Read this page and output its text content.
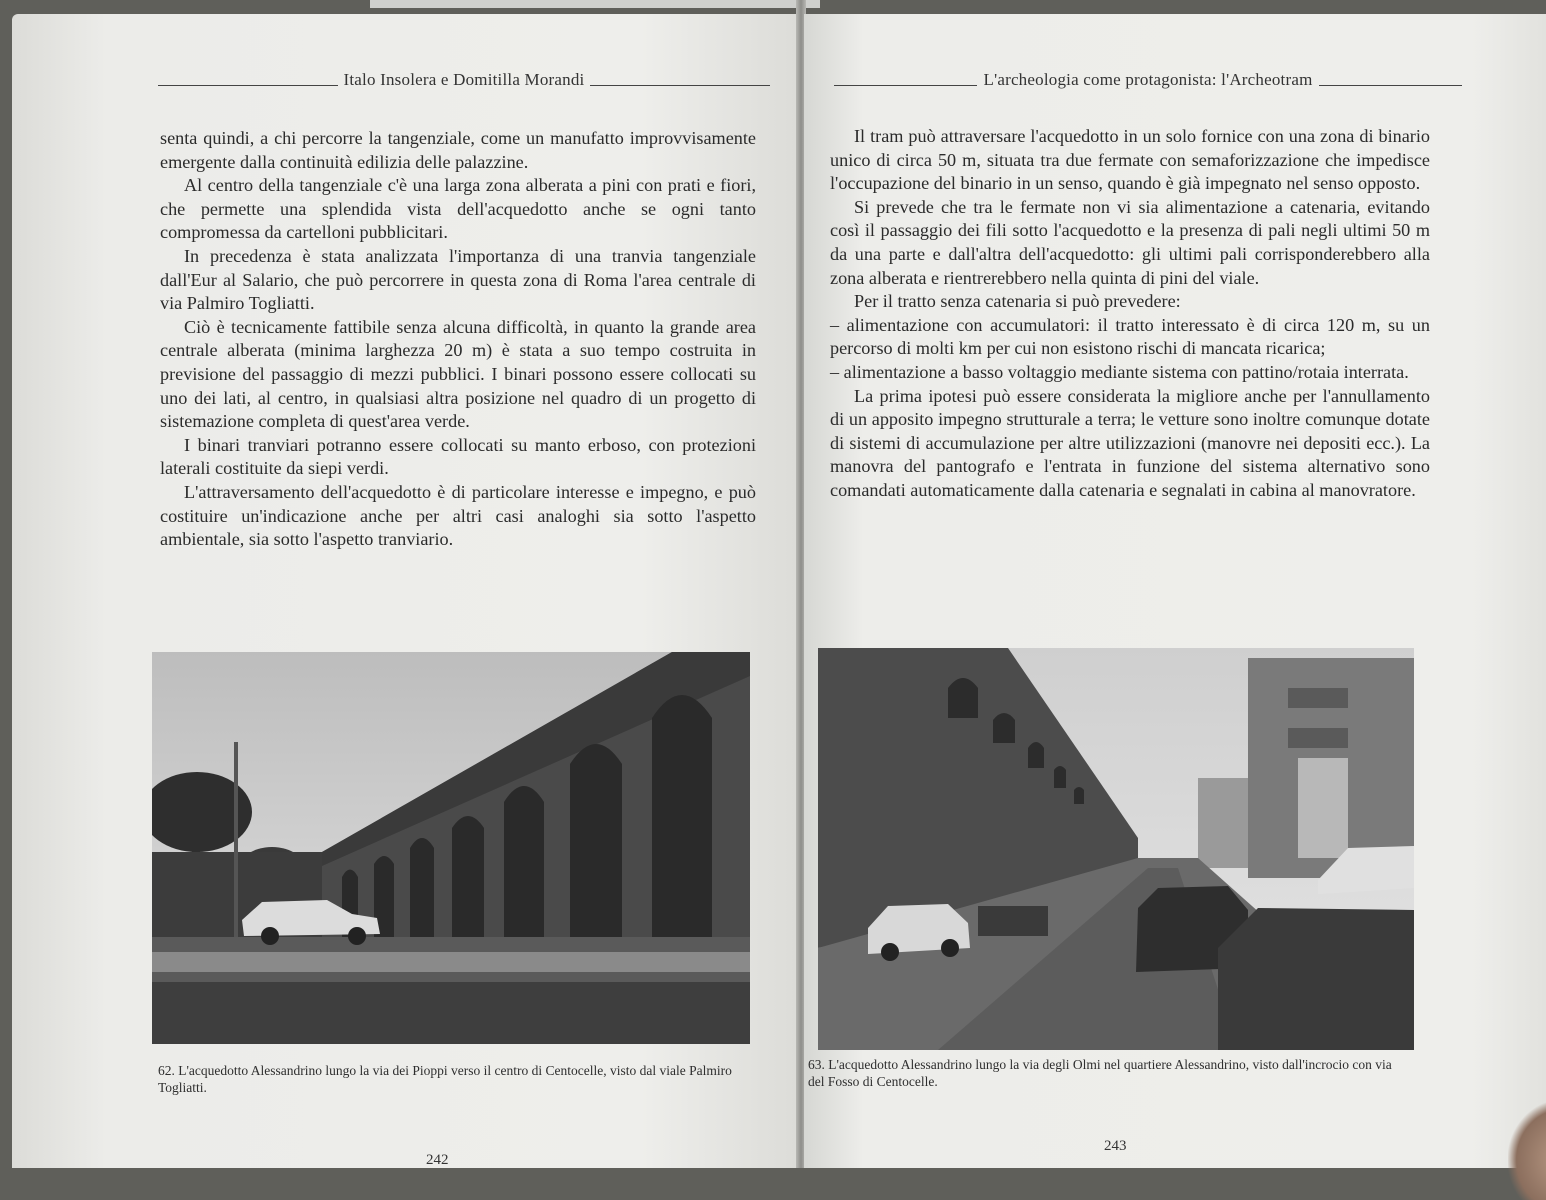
Italo Insolera e Domitilla Morandi

senta quindi, a chi percorre la tangenziale, come un manufatto improvvisamente emergente dalla continuità edilizia delle palazzine.

Al centro della tangenziale c'è una larga zona alberata a pini con prati e fiori, che permette una splendida vista dell'acquedotto anche se ogni tanto compromessa da cartelloni pubblicitari.

In precedenza è stata analizzata l'importanza di una tranvia tangenziale dall'Eur al Salario, che può percorrere in questa zona di Roma l'area centrale di via Palmiro Togliatti.

Ciò è tecnicamente fattibile senza alcuna difficoltà, in quanto la grande area centrale alberata (minima larghezza 20 m) è stata a suo tempo costruita in previsione del passaggio di mezzi pubblici. I binari possono essere collocati su uno dei lati, al centro, in qualsiasi altra posizione nel quadro di un progetto di sistemazione completa di quest'area verde.

I binari tranviari potranno essere collocati su manto erboso, con protezioni laterali costituite da siepi verdi.

L'attraversamento dell'acquedotto è di particolare interesse e impegno, e può costituire un'indicazione anche per altri casi analoghi sia sotto l'aspetto ambientale, sia sotto l'aspetto tranviario.

62. L'acquedotto Alessandrino lungo la via dei Pioppi verso il centro di Centocelle, visto dal viale Palmiro Togliatti.

242
L'archeologia come protagonista: l'Archeotram

Il tram può attraversare l'acquedotto in un solo fornice con una zona di binario unico di circa 50 m, situata tra due fermate con semaforizzazione che impedisce l'occupazione del binario in un senso, quando è già impegnato nel senso opposto.

Si prevede che tra le fermate non vi sia alimentazione a catenaria, evitando così il passaggio dei fili sotto l'acquedotto e la presenza di pali negli ultimi 50 m da una parte e dall'altra dell'acquedotto: gli ultimi pali corrisponderebbero alla zona alberata e rientrerebbero nella quinta di pini del viale.

Per il tratto senza catenaria si può prevedere:

– alimentazione con accumulatori: il tratto interessato è di circa 120 m, su un percorso di molti km per cui non esistono rischi di mancata ricarica;

– alimentazione a basso voltaggio mediante sistema con pattino/rotaia interrata.

La prima ipotesi può essere considerata la migliore anche per l'annullamento di un apposito impegno strutturale a terra; le vetture sono inoltre comunque dotate di sistemi di accumulazione per altre utilizzazioni (manovre nei depositi ecc.). La manovra del pantografo e l'entrata in funzione del sistema alternativo sono comandati automaticamente dalla catenaria e segnalati in cabina al manovratore.

63. L'acquedotto Alessandrino lungo la via degli Olmi nel quartiere Alessandrino, visto dall'incrocio con via del Fosso di Centocelle.

243
